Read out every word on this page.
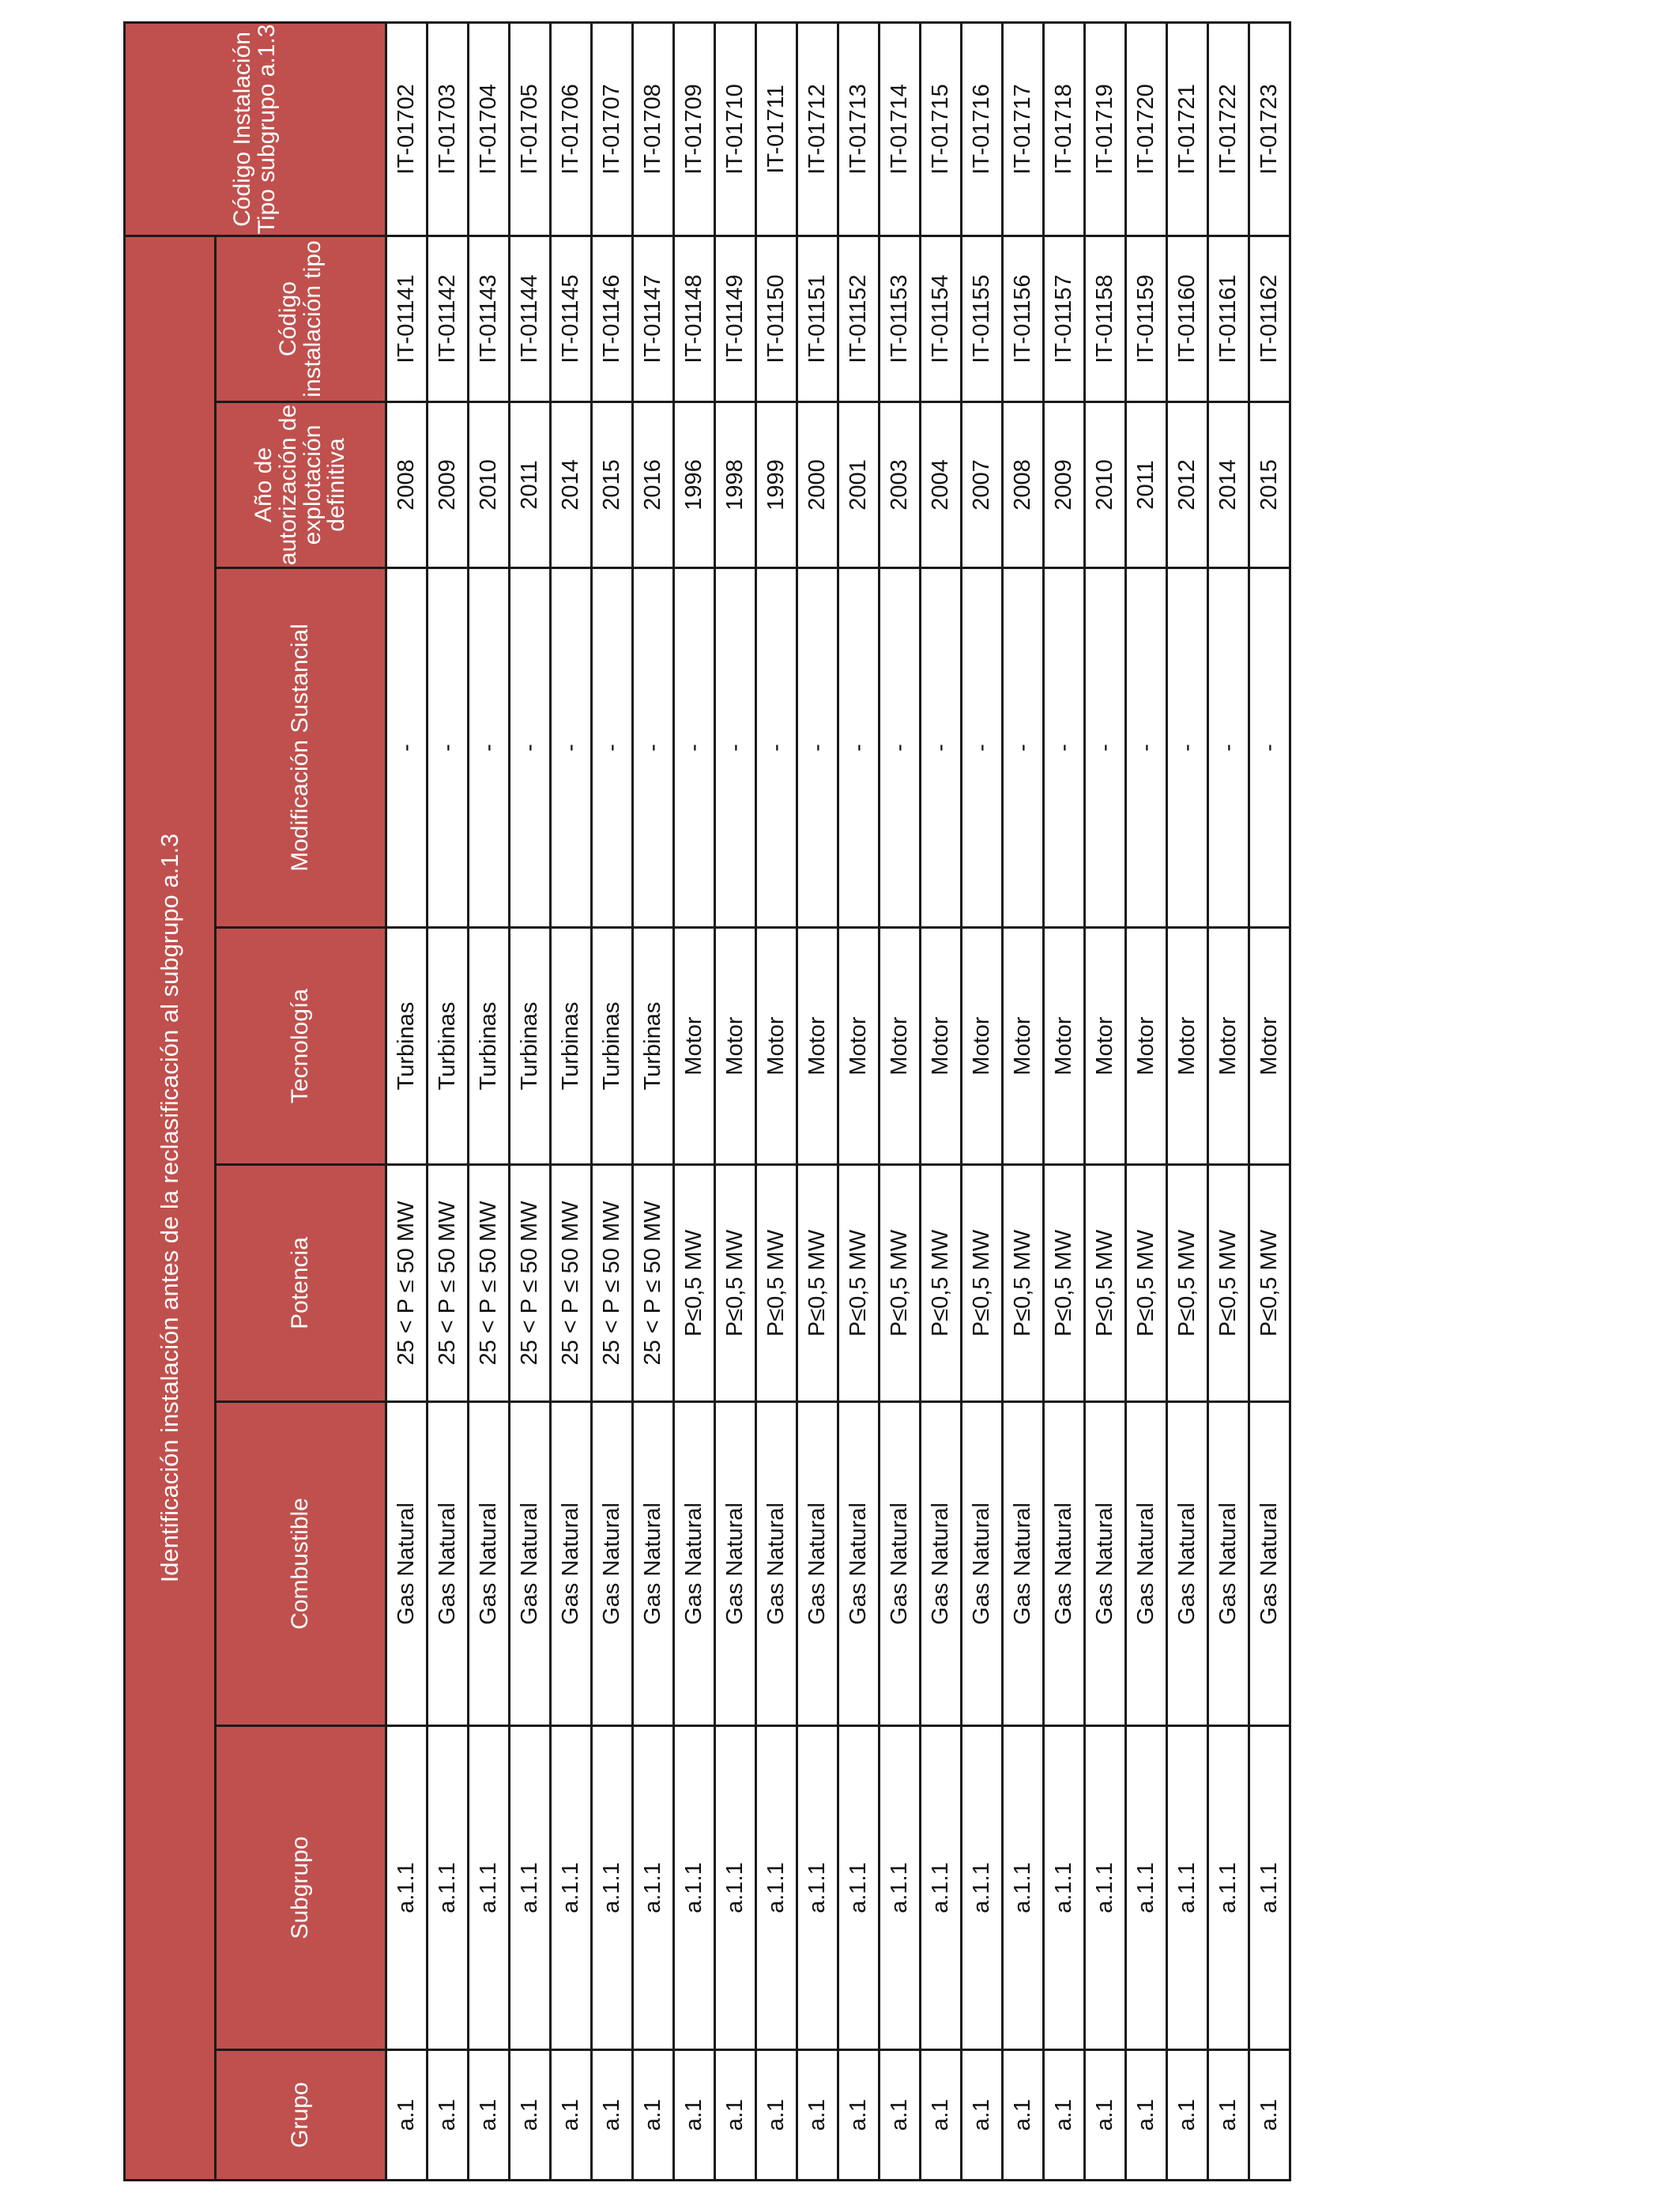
Identificación instalación antes de la reclasificación al subgrupo a.1.3								Código Instalación Tipo subgrupo a.1.3
Grupo	Subgrupo	Combustible	Potencia	Tecnología	Modificación Sustancial	Año de autorización de explotación definitiva	Código instalación tipo	
a.1	a.1.1	Gas Natural	25 < P ≤ 50 MW	Turbinas	-	2008	IT-01141	IT-01702
a.1	a.1.1	Gas Natural	25 < P ≤ 50 MW	Turbinas	-	2009	IT-01142	IT-01703
a.1	a.1.1	Gas Natural	25 < P ≤ 50 MW	Turbinas	-	2010	IT-01143	IT-01704
a.1	a.1.1	Gas Natural	25 < P ≤ 50 MW	Turbinas	-	2011	IT-01144	IT-01705
a.1	a.1.1	Gas Natural	25 < P ≤ 50 MW	Turbinas	-	2014	IT-01145	IT-01706
a.1	a.1.1	Gas Natural	25 < P ≤ 50 MW	Turbinas	-	2015	IT-01146	IT-01707
a.1	a.1.1	Gas Natural	25 < P ≤ 50 MW	Turbinas	-	2016	IT-01147	IT-01708
a.1	a.1.1	Gas Natural	P≤0,5 MW	Motor	-	1996	IT-01148	IT-01709
a.1	a.1.1	Gas Natural	P≤0,5 MW	Motor	-	1998	IT-01149	IT-01710
a.1	a.1.1	Gas Natural	P≤0,5 MW	Motor	-	1999	IT-01150	IT-01711
a.1	a.1.1	Gas Natural	P≤0,5 MW	Motor	-	2000	IT-01151	IT-01712
a.1	a.1.1	Gas Natural	P≤0,5 MW	Motor	-	2001	IT-01152	IT-01713
a.1	a.1.1	Gas Natural	P≤0,5 MW	Motor	-	2003	IT-01153	IT-01714
a.1	a.1.1	Gas Natural	P≤0,5 MW	Motor	-	2004	IT-01154	IT-01715
a.1	a.1.1	Gas Natural	P≤0,5 MW	Motor	-	2007	IT-01155	IT-01716
a.1	a.1.1	Gas Natural	P≤0,5 MW	Motor	-	2008	IT-01156	IT-01717
a.1	a.1.1	Gas Natural	P≤0,5 MW	Motor	-	2009	IT-01157	IT-01718
a.1	a.1.1	Gas Natural	P≤0,5 MW	Motor	-	2010	IT-01158	IT-01719
a.1	a.1.1	Gas Natural	P≤0,5 MW	Motor	-	2011	IT-01159	IT-01720
a.1	a.1.1	Gas Natural	P≤0,5 MW	Motor	-	2012	IT-01160	IT-01721
a.1	a.1.1	Gas Natural	P≤0,5 MW	Motor	-	2014	IT-01161	IT-01722
a.1	a.1.1	Gas Natural	P≤0,5 MW	Motor	-	2015	IT-01162	IT-01723
